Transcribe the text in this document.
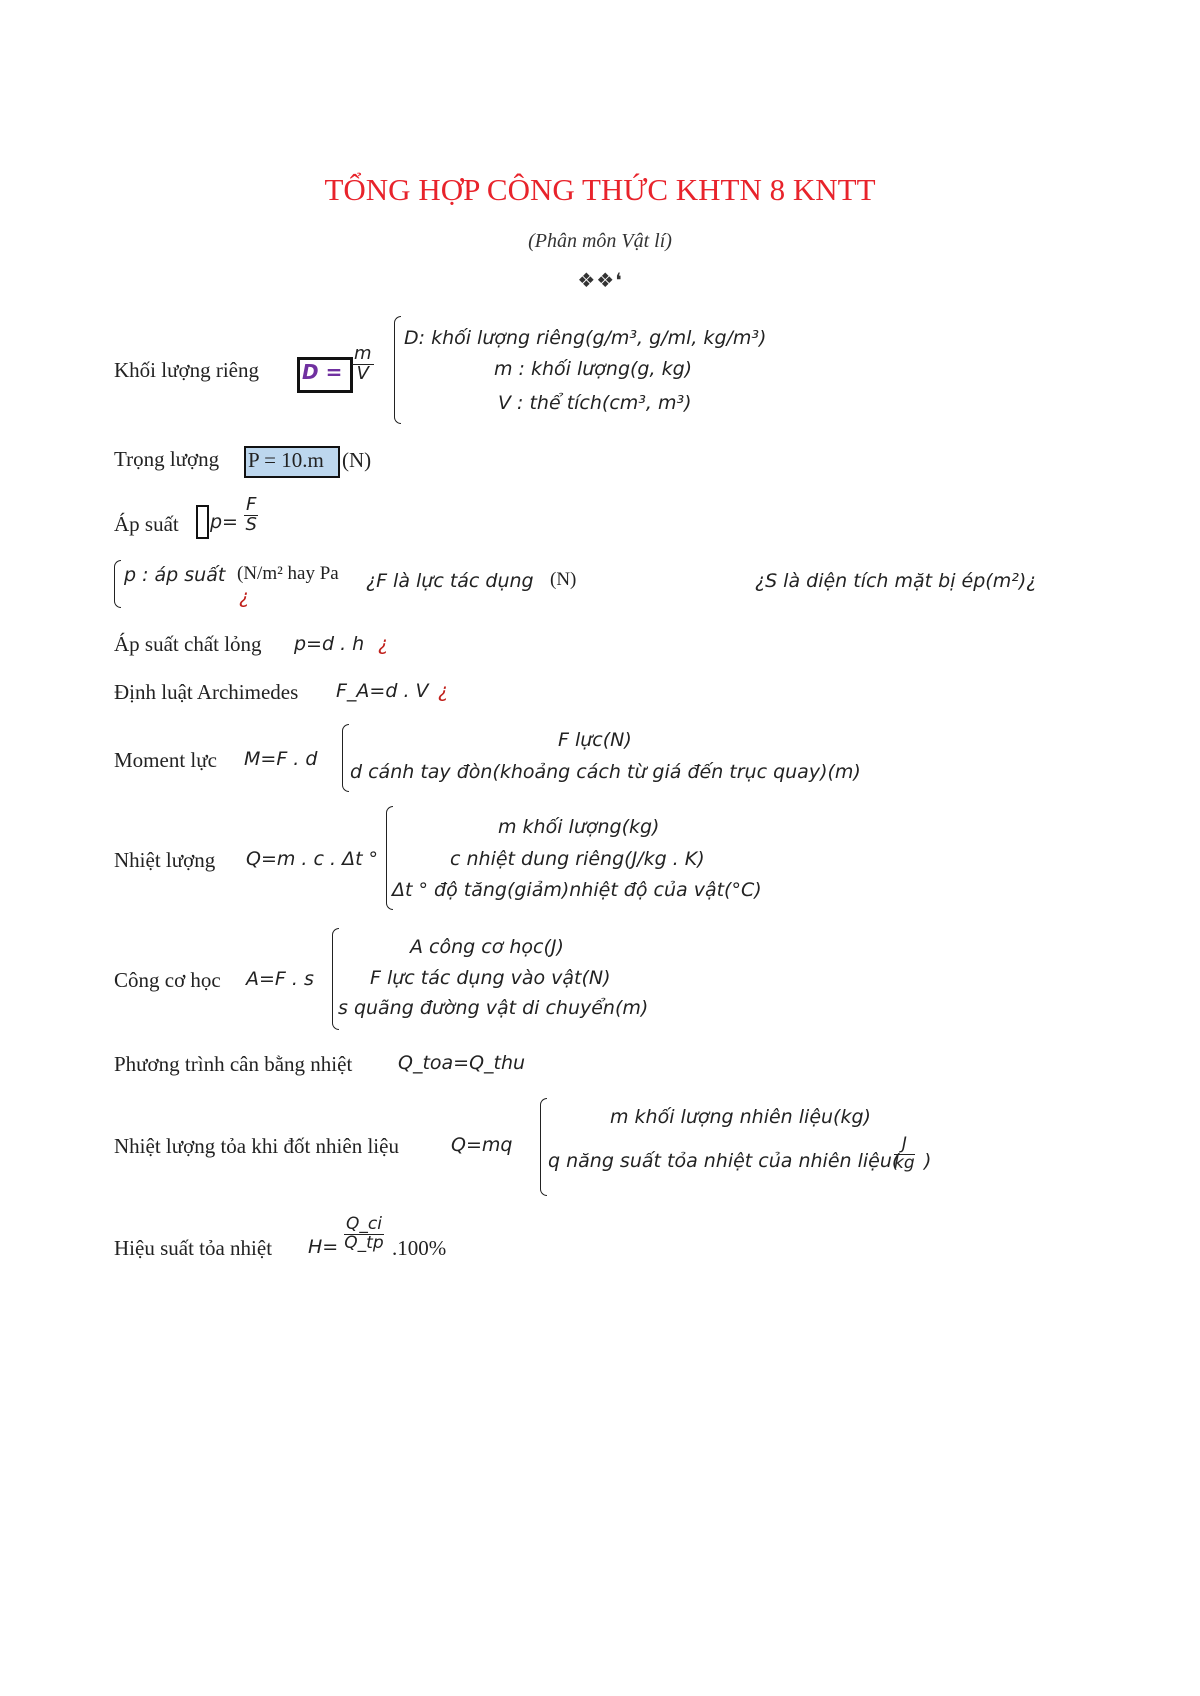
TỔNG HỢP CÔNG THỨC KHTN 8 KNTT
(Phân môn Vật lí)
❖❖❛
Khối lượng riêng $D = \frac{m}{V}$
D: khối lượng riêng(g/m³, g/ml, kg/m³)
m : khối lượng(g, kg)
V : thể tích(cm³, m³)
Trọng lượng P = 10.m (N)
Áp suất $p= \frac{F}{S}$
p : áp suất (N/m² hay Pa
¿
¿F là lực tác dụng (N)	¿S là diện tích mặt bị ép(m²)¿
Áp suất chất lỏng p=d . h ¿
Định luật Archimedes F_A=d . V ¿
Moment lực M=F . d
F lực(N)
d cánh tay đòn(khoảng cách từ giá đến trục quay)(m)
Nhiệt lượng Q=m . c . Δt °
m khối lượng(kg)
c nhiệt dung riêng(J/kg . K)
Δt ° độ tăng(giảm)nhiệt độ của vật(°C)
Công cơ học A=F . s
A công cơ học(J)
F lực tác dụng vào vật(N)
s quãng đường vật di chuyển(m)
Phương trình cân bằng nhiệt Q_toa=Q_thu
Nhiệt lượng tỏa khi đốt nhiên liệu	Q=mq
m khối lượng nhiên liệu(kg)
q năng suất tỏa nhiệt của nhiên liệu(
$\frac{J}{kg}$ )
Hiệu suất tỏa nhiệt $H= \frac{Q\_ci}{Q\_tp} .100\%$
